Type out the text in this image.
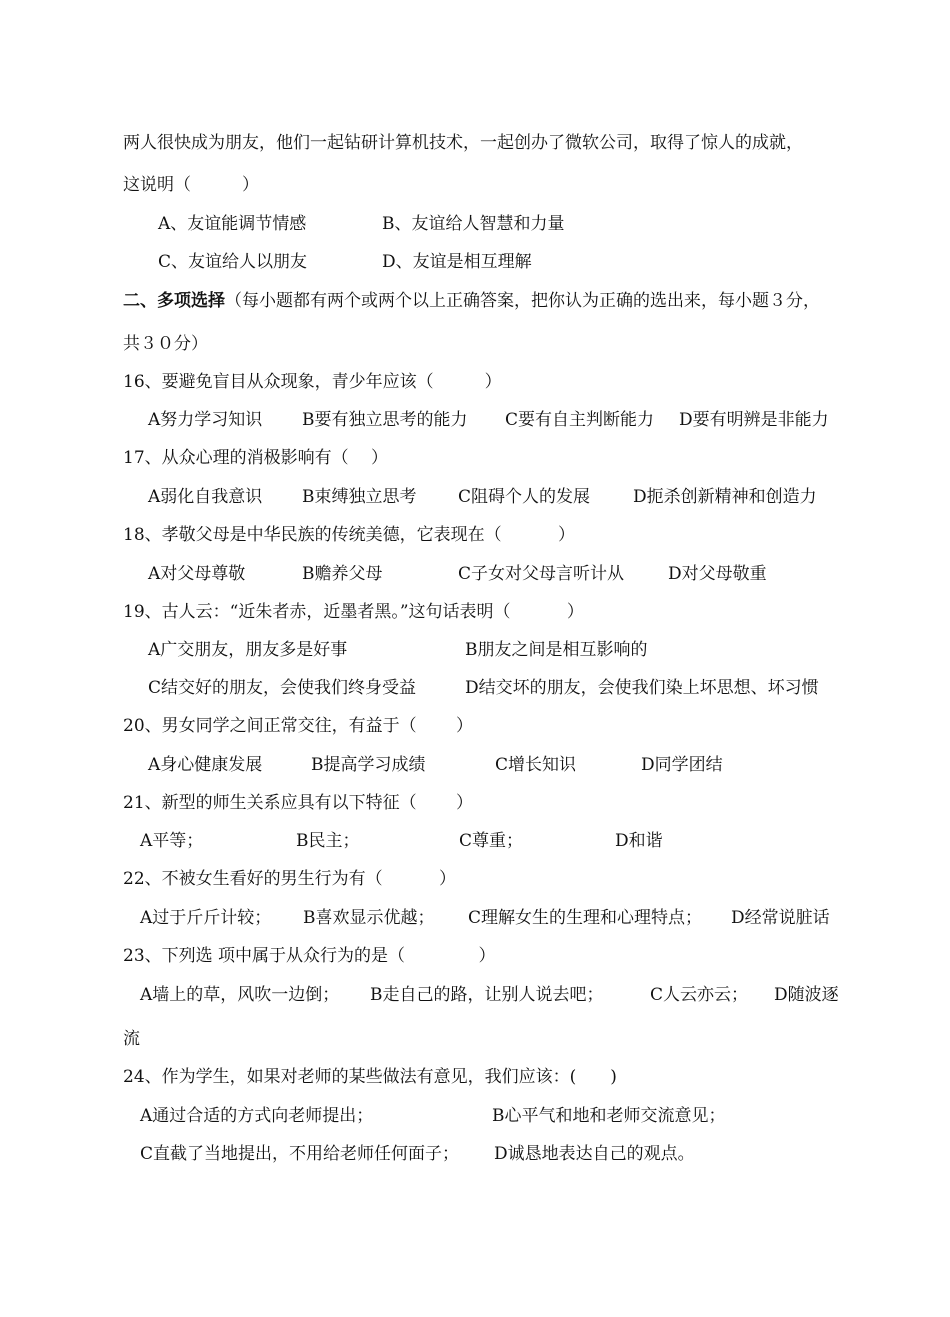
两人很快成为朋友，他们一起钻研计算机技术，一起创办了微软公司，取得了惊人的成就，
这说明（　　　）
A、友谊能调节情感	B、友谊给人智慧和力量
C、友谊给人以朋友	D、友谊是相互理解
二、多项选择（每小题都有两个或两个以上正确答案，把你认为正确的选出来，每小题３分，
共３０分）
16、要避免盲目从众现象，青少年应该（　　　）
A努力学习知识 B要有独立思考的能力 C要有自主判断能力 D要有明辨是非能力
17、从众心理的消极影响有（　 ）
A弱化自我意识 B束缚独立思考 C阻碍个人的发展	D扼杀创新精神和创造力
18、孝敬父母是中华民族的传统美德，它表现在（　　　 ）
A对父母尊敬	B赡养父母	C子女对父母言听计从	D对父母敬重
19、古人云：“近朱者赤，近墨者黑。”这句话表明（　　　 ）
A广交朋友，朋友多是好事	B朋友之间是相互影响的
C结交好的朋友，会使我们终身受益	D结交坏的朋友，会使我们染上坏思想、坏习惯
20、男女同学之间正常交往，有益于（　　 ）
A身心健康发展	B提高学习成绩	C增长知识	D同学团结
21、新型的师生关系应具有以下特征（　　 ）
A平等；	B民主；	C尊重；	D和谐
22、不被女生看好的男生行为有（　　　 ）
A过于斤斤计较； B喜欢显示优越； C理解女生的生理和心理特点； D经常说脏话
23、下列选 项中属于从众行为的是（　　　　 ）
A墙上的草，风吹一边倒； B走自己的路，让别人说去吧；	C人云亦云； D随波逐
流
24、作为学生，如果对老师的某些做法有意见，我们应该：(　　)
A通过合适的方式向老师提出；	B心平气和地和老师交流意见；
C直截了当地提出，不用给老师任何面子； D诚恳地表达自己的观点。
